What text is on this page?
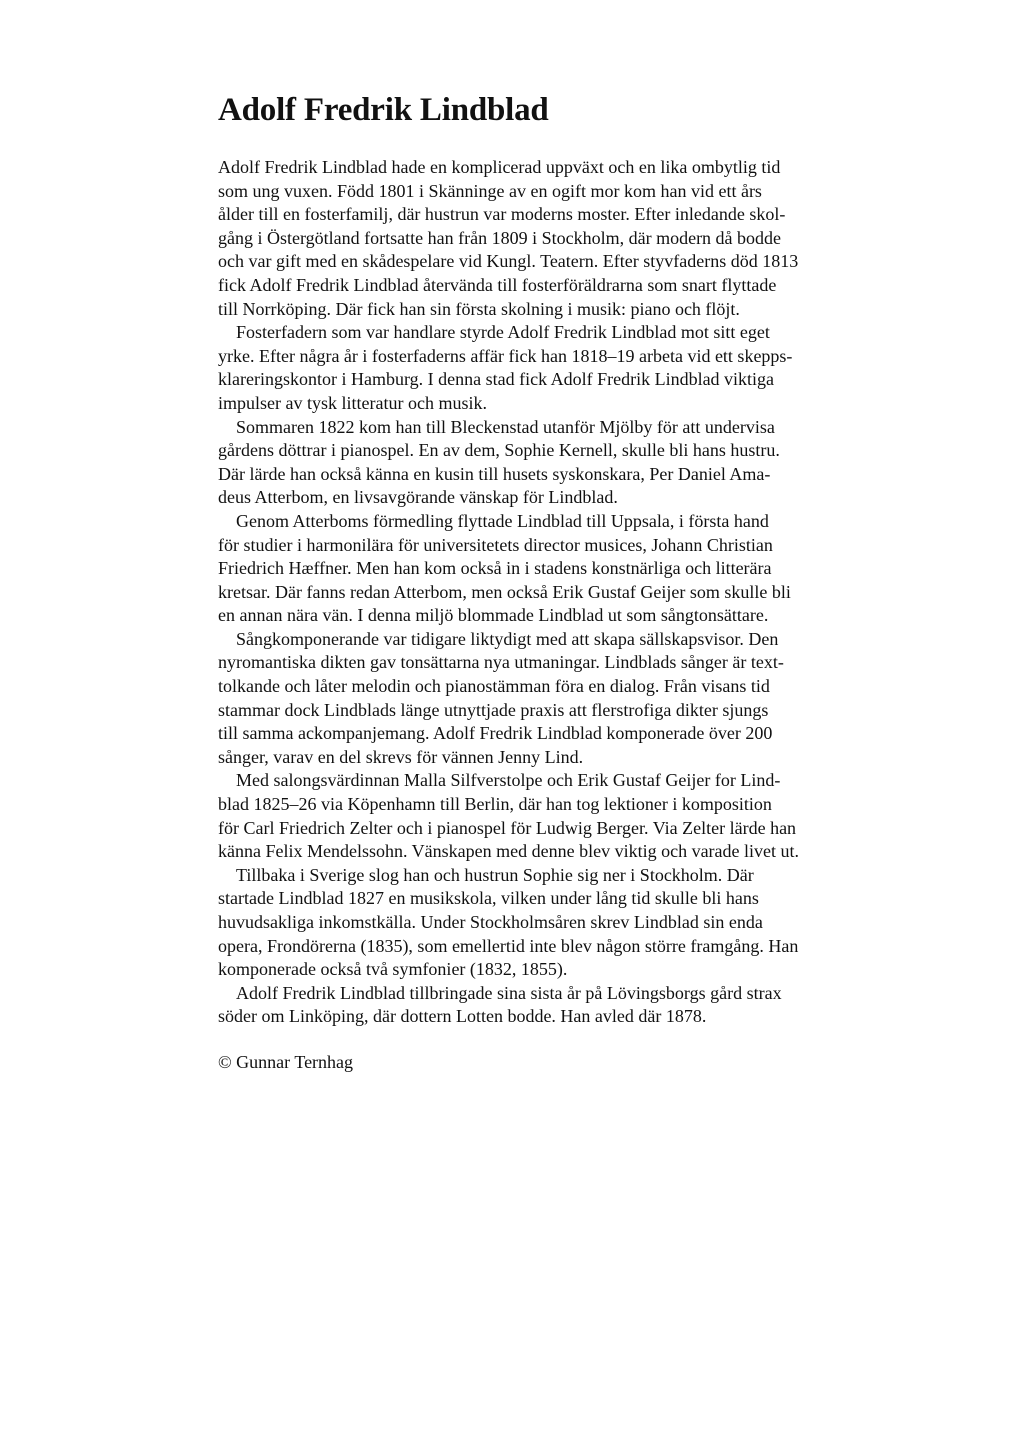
Adolf Fredrik Lindblad

Adolf Fredrik Lindblad hade en komplicerad uppväxt och en lika ombytlig tid
som ung vuxen. Född 1801 i Skänninge av en ogift mor kom han vid ett års
ålder till en fosterfamilj, där hustrun var moderns moster. Efter inledande skol-
gång i Östergötland fortsatte han från 1809 i Stockholm, där modern då bodde
och var gift med en skådespelare vid Kungl. Teatern. Efter styvfaderns död 1813
fick Adolf Fredrik Lindblad återvända till fosterföräldrarna som snart flyttade
till Norrköping. Där fick han sin första skolning i musik: piano och flöjt.

Fosterfadern som var handlare styrde Adolf Fredrik Lindblad mot sitt eget
yrke. Efter några år i fosterfaderns affär fick han 1818–19 arbeta vid ett skepps-
klareringskontor i Hamburg. I denna stad fick Adolf Fredrik Lindblad viktiga
impulser av tysk litteratur och musik.

Sommaren 1822 kom han till Bleckenstad utanför Mjölby för att undervisa
gårdens döttrar i pianospel. En av dem, Sophie Kernell, skulle bli hans hustru.
Där lärde han också känna en kusin till husets syskonskara, Per Daniel Ama-
deus Atterbom, en livsavgörande vänskap för Lindblad.

Genom Atterboms förmedling flyttade Lindblad till Uppsala, i första hand
för studier i harmonilära för universitetets director musices, Johann Christian
Friedrich Hæffner. Men han kom också in i stadens konstnärliga och litterära
kretsar. Där fanns redan Atterbom, men också Erik Gustaf Geijer som skulle bli
en annan nära vän. I denna miljö blommade Lindblad ut som sångtonsättare.

Sångkomponerande var tidigare liktydigt med att skapa sällskapsvisor. Den
nyromantiska dikten gav tonsättarna nya utmaningar. Lindblads sånger är text-
tolkande och låter melodin och pianostämman föra en dialog. Från visans tid
stammar dock Lindblads länge utnyttjade praxis att flerstrofiga dikter sjungs
till samma ackompanjemang. Adolf Fredrik Lindblad komponerade över 200
sånger, varav en del skrevs för vännen Jenny Lind.

Med salongsvärdinnan Malla Silfverstolpe och Erik Gustaf Geijer for Lind-
blad 1825–26 via Köpenhamn till Berlin, där han tog lektioner i komposition
för Carl Friedrich Zelter och i pianospel för Ludwig Berger. Via Zelter lärde han
känna Felix Mendelssohn. Vänskapen med denne blev viktig och varade livet ut.

Tillbaka i Sverige slog han och hustrun Sophie sig ner i Stockholm. Där
startade Lindblad 1827 en musikskola, vilken under lång tid skulle bli hans
huvudsakliga inkomstkälla. Under Stockholmsåren skrev Lindblad sin enda
opera, Frondörerna (1835), som emellertid inte blev någon större framgång. Han
komponerade också två symfonier (1832, 1855).

Adolf Fredrik Lindblad tillbringade sina sista år på Lövingsborgs gård strax
söder om Linköping, där dottern Lotten bodde. Han avled där 1878.

© Gunnar Ternhag
